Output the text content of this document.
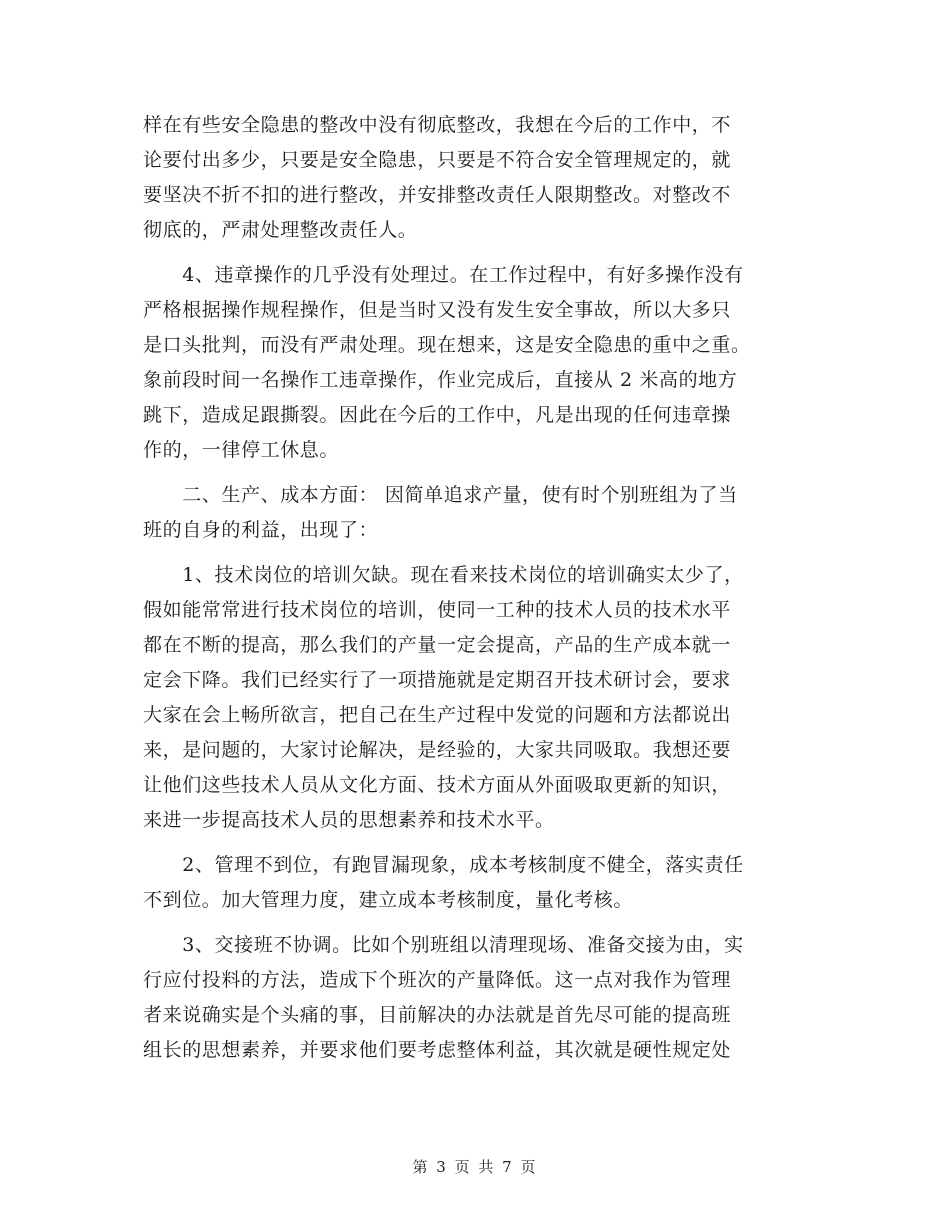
样在有些安全隐患的整改中没有彻底整改，我想在今后的工作中，不
论要付出多少，只要是安全隐患，只要是不符合安全管理规定的，就
要坚决不折不扣的进行整改，并安排整改责任人限期整改。对整改不
彻底的，严肃处理整改责任人。
　　4、违章操作的几乎没有处理过。在工作过程中，有好多操作没有
严格根据操作规程操作，但是当时又没有发生安全事故，所以大多只
是口头批判，而没有严肃处理。现在想来，这是安全隐患的重中之重。
象前段时间一名操作工违章操作，作业完成后，直接从 2 米高的地方
跳下，造成足跟撕裂。因此在今后的工作中，凡是出现的任何违章操
作的，一律停工休息。
　　二、生产、成本方面： 因简单追求产量，使有时个别班组为了当
班的自身的利益，出现了：
　　1、技术岗位的培训欠缺。现在看来技术岗位的培训确实太少了，
假如能常常进行技术岗位的培训，使同一工种的技术人员的技术水平
都在不断的提高，那么我们的产量一定会提高，产品的生产成本就一
定会下降。我们已经实行了一项措施就是定期召开技术研讨会，要求
大家在会上畅所欲言，把自己在生产过程中发觉的问题和方法都说出
来，是问题的，大家讨论解决，是经验的，大家共同吸取。我想还要
让他们这些技术人员从文化方面、技术方面从外面吸取更新的知识，
来进一步提高技术人员的思想素养和技术水平。
　　2、管理不到位，有跑冒漏现象，成本考核制度不健全，落实责任
不到位。加大管理力度，建立成本考核制度，量化考核。
　　3、交接班不协调。比如个别班组以清理现场、准备交接为由，实
行应付投料的方法，造成下个班次的产量降低。这一点对我作为管理
者来说确实是个头痛的事，目前解决的办法就是首先尽可能的提高班
组长的思想素养，并要求他们要考虑整体利益，其次就是硬性规定处
第 3 页 共 7 页
